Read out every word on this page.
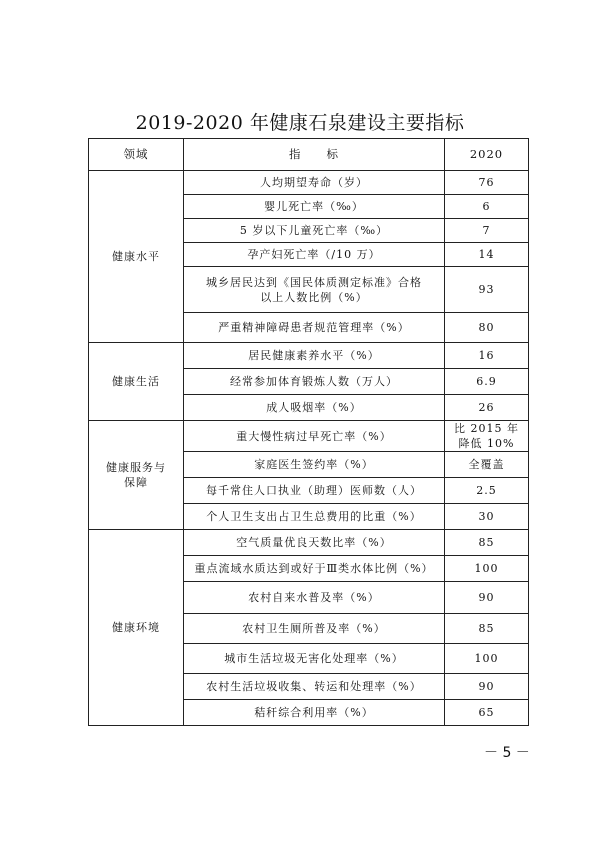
2019-2020 年健康石泉建设主要指标
领域	指　　标	2020
健康水平	人均期望寿命（岁）	76
	婴儿死亡率（‰）	6
	5 岁以下儿童死亡率（‰）	7
	孕产妇死亡率（/10 万）	14
	城乡居民达到《国民体质测定标准》合格以上人数比例（%）	93
	严重精神障碍患者规范管理率（%）	80
健康生活	居民健康素养水平（%）	16
	经常参加体育锻炼人数（万人）	6.9
	成人吸烟率（%）	26
健康服务与保障	重大慢性病过早死亡率（%）	比 2015 年降低 10%
	家庭医生签约率（%）	全覆盖
	每千常住人口执业（助理）医师数（人）	2.5
	个人卫生支出占卫生总费用的比重（%）	30
健康环境	空气质量优良天数比率（%）	85
	重点流域水质达到或好于Ⅲ类水体比例（%）	100
	农村自来水普及率（%）	90
	农村卫生厕所普及率（%）	85
	城市生活垃圾无害化处理率（%）	100
	农村生活垃圾收集、转运和处理率（%）	90
	秸秆综合利用率（%）	65
－ 5 －
